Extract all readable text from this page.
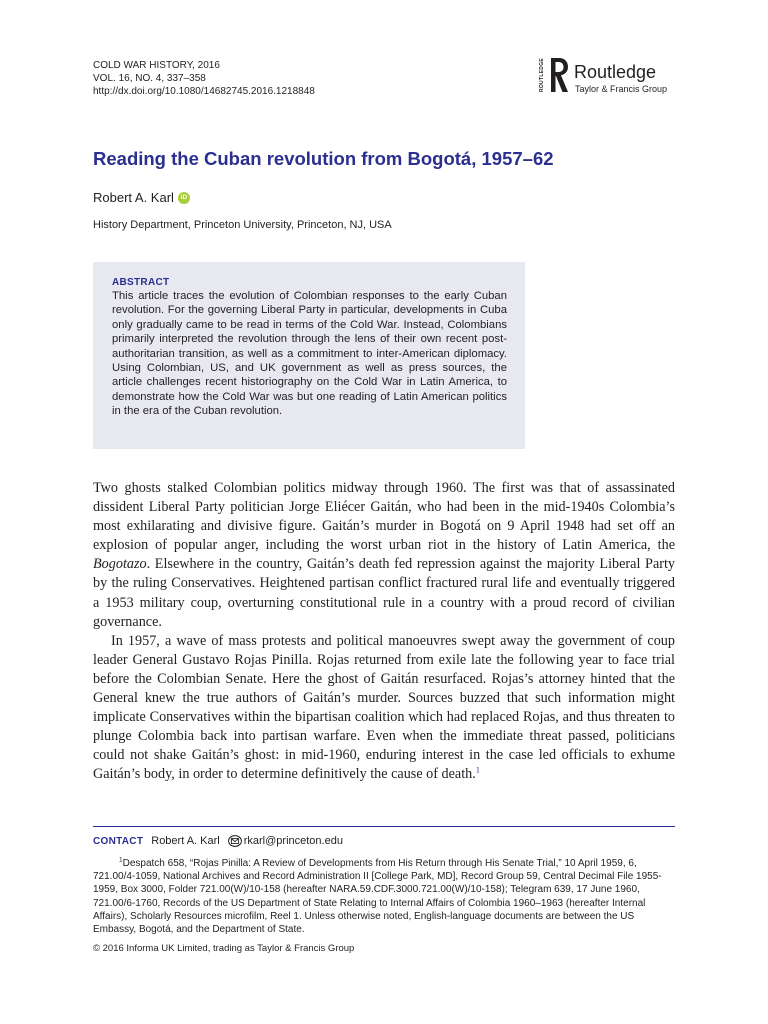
COLD WAR HISTORY, 2016
VOL. 16, NO. 4, 337–358
http://dx.doi.org/10.1080/14682745.2016.1218848	ROUTLEDGE Routledge
Taylor & Francis Group
Reading the Cuban revolution from Bogotá, 1957–62
Robert A. Karl	iD
History Department, Princeton University, Princeton, NJ, USA
ABSTRACT
This article traces the evolution of Colombian responses to the early Cuban revolution. For the governing Liberal Party in particular, developments in Cuba only gradually came to be read in terms of the Cold War. Instead, Colombians primarily interpreted the revolution through the lens of their own recent post-authoritarian transition, as well as a commitment to inter-American diplomacy. Using Colombian, US, and UK government as well as press sources, the article challenges recent historiography on the Cold War in Latin America, to demonstrate how the Cold War was but one reading of Latin American politics in the era of the Cuban revolution.

Two ghosts stalked Colombian politics midway through 1960. The first was that of assassinated dissident Liberal Party politician Jorge Eliécer Gaitán, who had been in the mid-1940s Colombia’s most exhilarating and divisive figure. Gaitán’s murder in Bogotá on 9 April 1948 had set off an explosion of popular anger, including the worst urban riot in the history of Latin America, the Bogotazo. Elsewhere in the country, Gaitán’s death fed repression against the majority Liberal Party by the ruling Conservatives. Heightened partisan conflict fractured rural life and eventually triggered a 1953 military coup, overturning constitutional rule in a country with a proud record of civilian governance.

In 1957, a wave of mass protests and political manoeuvres swept away the government of coup leader General Gustavo Rojas Pinilla. Rojas returned from exile late the following year to face trial before the Colombian Senate. Here the ghost of Gaitán resurfaced. Rojas’s attorney hinted that the General knew the true authors of Gaitán’s murder. Sources buzzed that such information might implicate Conservatives within the bipartisan coalition which had replaced Rojas, and thus threaten to plunge Colombia back into partisan warfare. Even when the immediate threat passed, politicians could not shake Gaitán’s ghost: in mid-1960, enduring interest in the case led officials to exhume Gaitán’s body, in order to determine definitively the cause of death.$^1$

CONTACT Robert A. Karl rkarl@princeton.edu

$^1$Despatch 658, “Rojas Pinilla: A Review of Developments from His Return through His Senate Trial,” 10 April 1959, 6, 721.00/4-1059, National Archives and Record Administration II [College Park, MD], Record Group 59, Central Decimal File 1955-1959, Box 3000, Folder 721.00(W)/10-158 (hereafter NARA.59.CDF.3000.721.00(W)/10-158); Telegram 639, 17 June 1960, 721.00/6-1760, Records of the US Department of State Relating to Internal Affairs of Colombia 1960–1963 (hereafter Internal Affairs), Scholarly Resources microfilm, Reel 1. Unless otherwise noted, English-language documents are between the US Embassy, Bogotá, and the Department of State.

© 2016 Informa UK Limited, trading as Taylor & Francis Group
